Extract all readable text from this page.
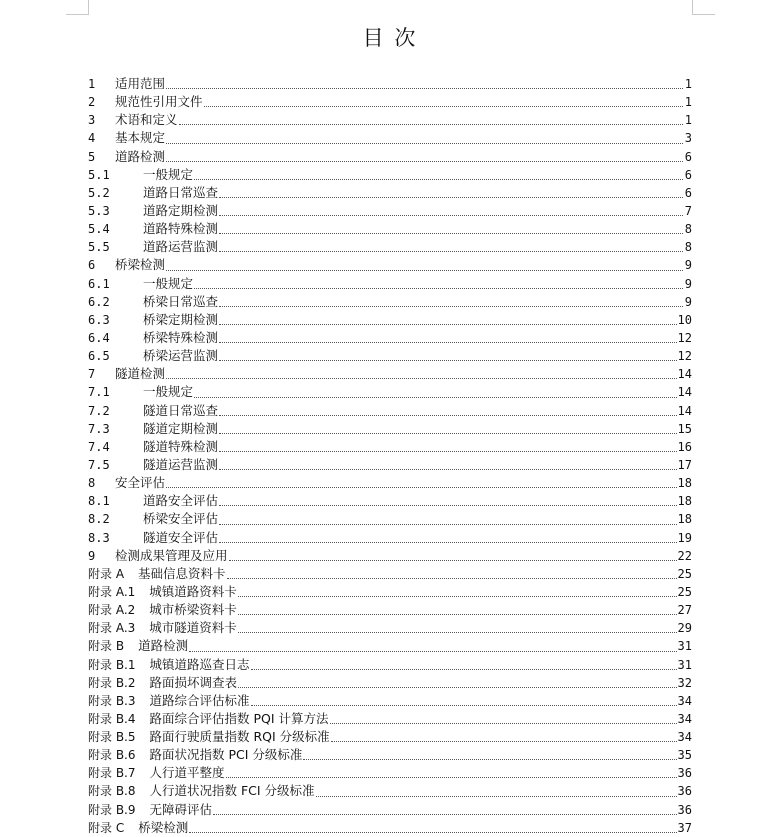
目 次
1	适用范围	1
2	规范性引用文件	1
3	术语和定义	1
4	基本规定	3
5	道路检测	6
5.1	一般规定	6
5.2	道路日常巡查	6
5.3	道路定期检测	7
5.4	道路特殊检测	8
5.5	道路运营监测	8
6	桥梁检测	9
6.1	一般规定	9
6.2	桥梁日常巡查	9
6.3	桥梁定期检测	10
6.4	桥梁特殊检测	12
6.5	桥梁运营监测	12
7	隧道检测	14
7.1	一般规定	14
7.2	隧道日常巡查	14
7.3	隧道定期检测	15
7.4	隧道特殊检测	16
7.5	隧道运营监测	17
8	安全评估	18
8.1	道路安全评估	18
8.2	桥梁安全评估	18
8.3	隧道安全评估	19
9	检测成果管理及应用	22
附录 A	基础信息资料卡	25
附录 A.1	城镇道路资料卡	25
附录 A.2	城市桥梁资料卡	27
附录 A.3	城市隧道资料卡	29
附录 B	道路检测	31
附录 B.1	城镇道路巡查日志	31
附录 B.2	路面损坏调查表	32
附录 B.3	道路综合评估标准	34
附录 B.4	路面综合评估指数 PQI 计算方法	34
附录 B.5	路面行驶质量指数 RQI 分级标准	34
附录 B.6	路面状况指数 PCI 分级标准	35
附录 B.7	人行道平整度	36
附录 B.8	人行道状况指数 FCI 分级标准	36
附录 B.9	无障碍评估	36
附录 C	桥梁检测	37
